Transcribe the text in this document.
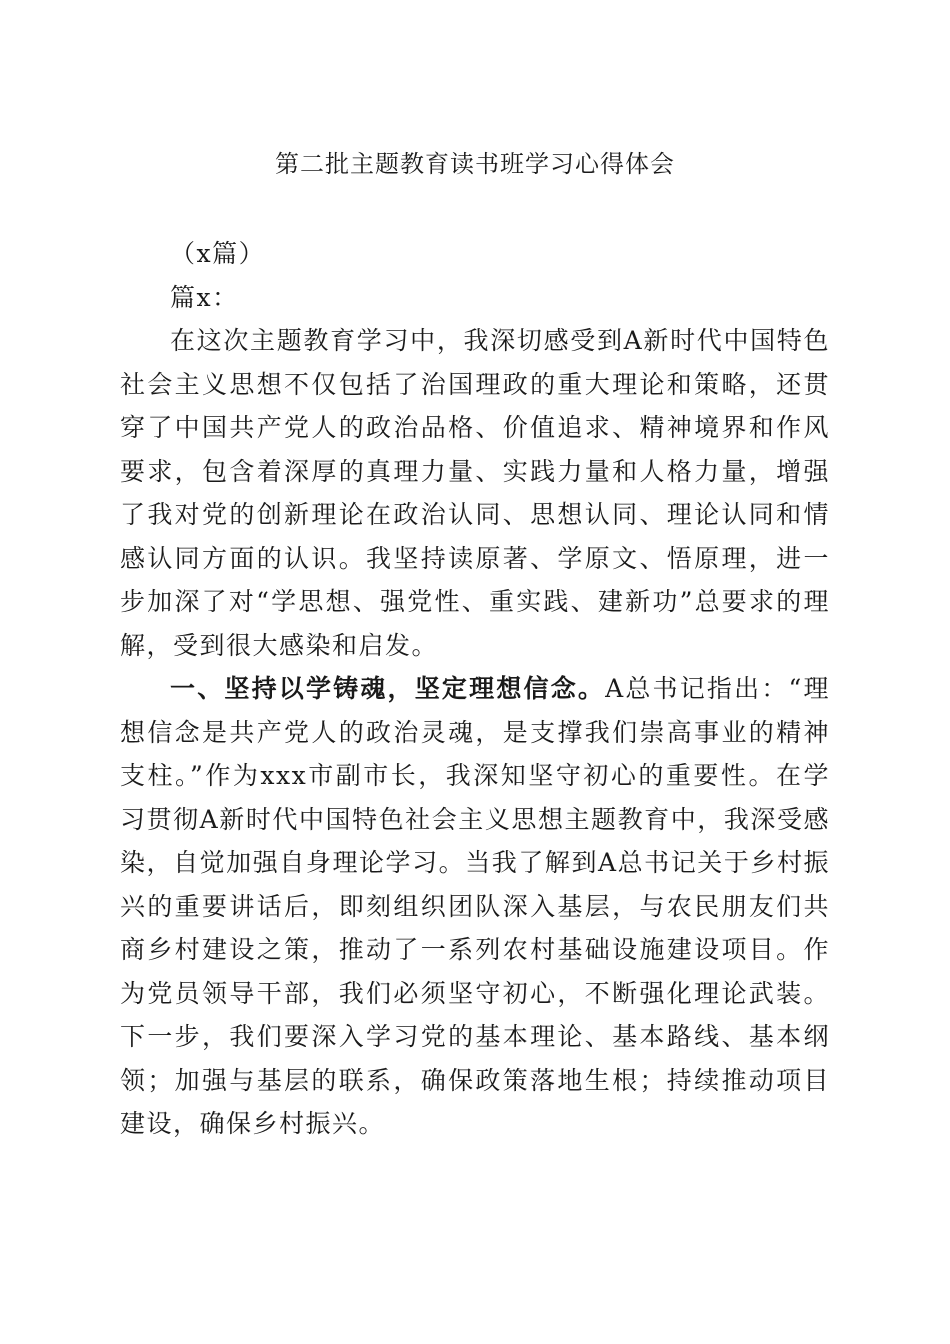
第二批主题教育读书班学习心得体会

（x篇）

篇x：

在这次主题教育学习中，我深切感受到A新时代中国特色社会主义思想不仅包括了治国理政的重大理论和策略，还贯穿了中国共产党人的政治品格、价值追求、精神境界和作风要求，包含着深厚的真理力量、实践力量和人格力量，增强了我对党的创新理论在政治认同、思想认同、理论认同和情感认同方面的认识。我坚持读原著、学原文、悟原理，进一步加深了对“学思想、强党性、重实践、建新功”总要求的理解，受到很大感染和启发。

一、坚持以学铸魂，坚定理想信念。A总书记指出：“理想信念是共产党人的政治灵魂，是支撑我们崇高事业的精神支柱。”作为xxx市副市长，我深知坚守初心的重要性。在学习贯彻A新时代中国特色社会主义思想主题教育中，我深受感染，自觉加强自身理论学习。当我了解到A总书记关于乡村振兴的重要讲话后，即刻组织团队深入基层，与农民朋友们共商乡村建设之策，推动了一系列农村基础设施建设项目。作为党员领导干部，我们必须坚守初心，不断强化理论武装。下一步，我们要深入学习党的基本理论、基本路线、基本纲领；加强与基层的联系，确保政策落地生根；持续推动项目建设，确保乡村振兴。
